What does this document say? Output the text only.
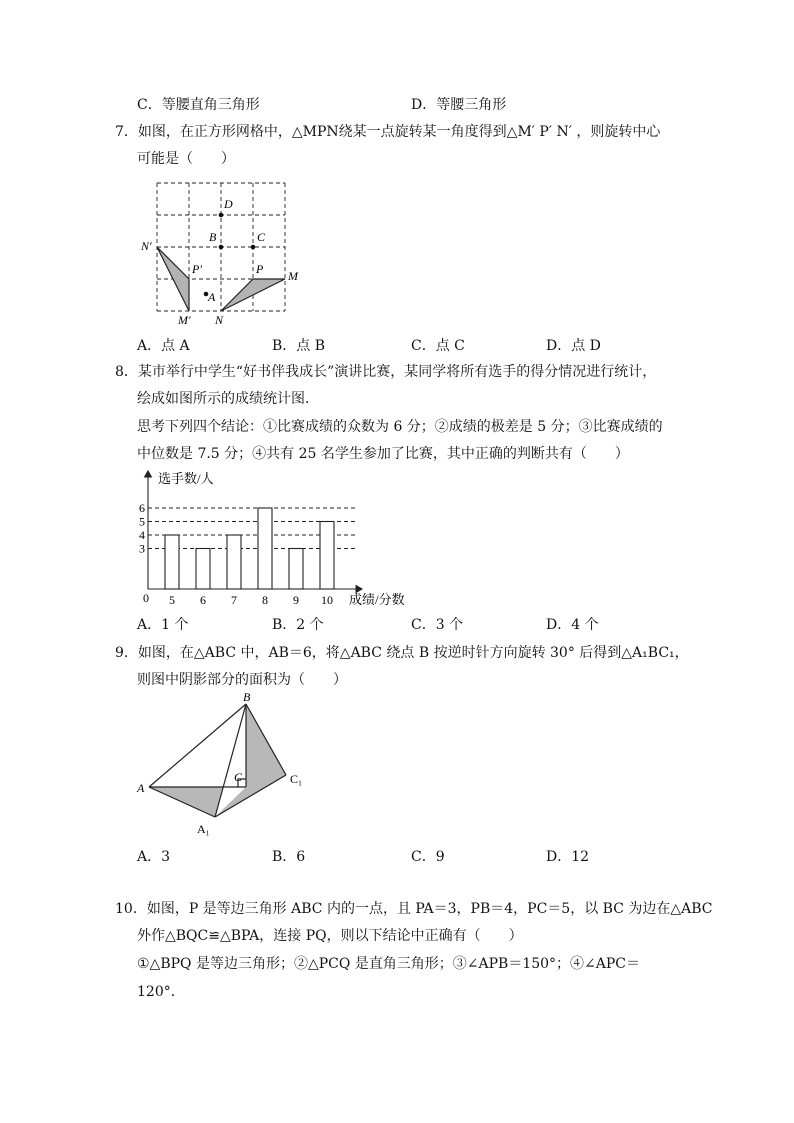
C．等腰直角三角形	D．等腰三角形
7．如图，在正方形网格中，△MPN绕某一点旋转某一角度得到△M′ P′ N′ ，则旋转中心
可能是（　　）
D
B	C
A
P M
N
N′
P′
M′
A．点 A	B．点 B	C．点 C	D．点 D
8．某市举行中学生“好书伴我成长”演讲比赛，某同学将所有选手的得分情况进行统计，
绘成如图所示的成绩统计图．
思考下列四个结论：①比赛成绩的众数为 6 分；②成绩的极差是 5 分；③比赛成绩的
中位数是 7.5 分；④共有 25 名学生参加了比赛，其中正确的判断共有（　　）
选手数/人
成绩/分数
0
3
4
5
6
5 6 7 8 9 10
A．1 个	B．2 个	C．3 个	D．4 个
9．如图，在△ABC 中，AB＝6，将△ABC 绕点 B 按逆时针方向旋转 30° 后得到△A₁BC₁，
则图中阴影部分的面积为（　　）
B
A
C	C₁
A₁
A．3	B．6	C．9	D．12
10．如图，P 是等边三角形 ABC 内的一点，且 PA＝3，PB＝4，PC＝5，以 BC 为边在△ABC
外作△BQC≌△BPA，连接 PQ，则以下结论中正确有（　　）
①△BPQ 是等边三角形；②△PCQ 是直角三角形；③∠APB＝150°；④∠APC＝
120°．
